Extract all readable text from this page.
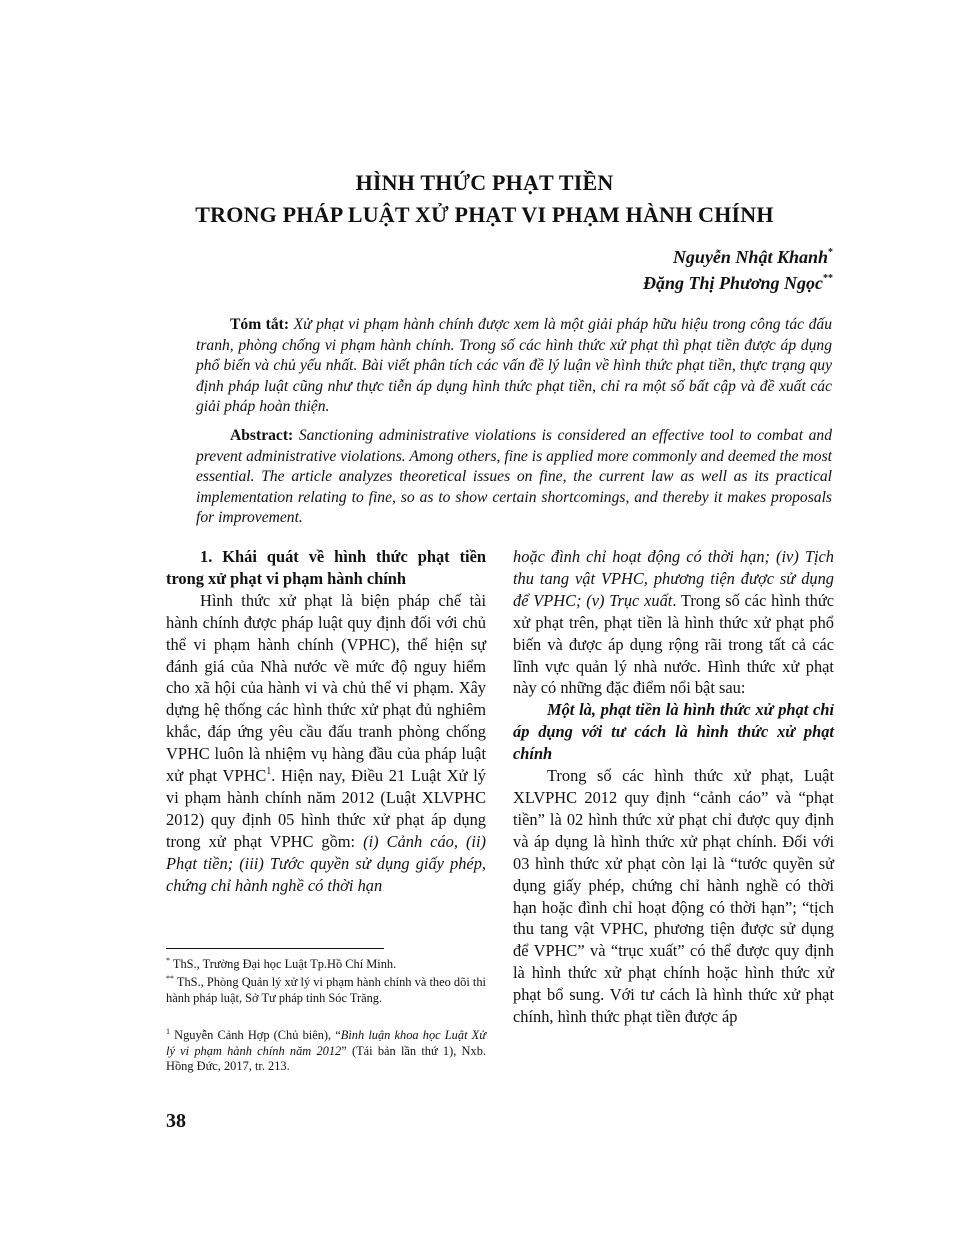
HÌNH THỨC PHẠT TIỀN
TRONG PHÁP LUẬT XỬ PHẠT VI PHẠM HÀNH CHÍNH
Nguyễn Nhật Khanh*
Đặng Thị Phương Ngọc**
Tóm tắt: Xử phạt vi phạm hành chính được xem là một giải pháp hữu hiệu trong công tác đấu tranh, phòng chống vi phạm hành chính. Trong số các hình thức xử phạt thì phạt tiền được áp dụng phổ biến và chủ yếu nhất. Bài viết phân tích các vấn đề lý luận về hình thức phạt tiền, thực trạng quy định pháp luật cũng như thực tiễn áp dụng hình thức phạt tiền, chỉ ra một số bất cập và đề xuất các giải pháp hoàn thiện.
Abstract: Sanctioning administrative violations is considered an effective tool to combat and prevent administrative violations. Among others, fine is applied more commonly and deemed the most essential. The article analyzes theoretical issues on fine, the current law as well as its practical implementation relating to fine, so as to show certain shortcomings, and thereby it makes proposals for improvement.

1. Khái quát về hình thức phạt tiền trong xử phạt vi phạm hành chính

Hình thức xử phạt là biện pháp chế tài hành chính được pháp luật quy định đối với chủ thể vi phạm hành chính (VPHC), thể hiện sự đánh giá của Nhà nước về mức độ nguy hiểm cho xã hội của hành vi và chủ thể vi phạm. Xây dựng hệ thống các hình thức xử phạt đủ nghiêm khắc, đáp ứng yêu cầu đấu tranh phòng chống VPHC luôn là nhiệm vụ hàng đầu của pháp luật xử phạt VPHC$^1$. Hiện nay, Điều 21 Luật Xử lý vi phạm hành chính năm 2012 (Luật XLVPHC 2012) quy định 05 hình thức xử phạt áp dụng trong xử phạt VPHC gồm: (i) Cảnh cáo, (ii) Phạt tiền; (iii) Tước quyền sử dụng giấy phép, chứng chỉ hành nghề có thời hạn

hoặc đình chỉ hoạt động có thời hạn; (iv) Tịch thu tang vật VPHC, phương tiện được sử dụng để VPHC; (v) Trục xuất. Trong số các hình thức xử phạt trên, phạt tiền là hình thức xử phạt phổ biến và được áp dụng rộng rãi trong tất cả các lĩnh vực quản lý nhà nước. Hình thức xử phạt này có những đặc điểm nổi bật sau:

Một là, phạt tiền là hình thức xử phạt chỉ áp dụng với tư cách là hình thức xử phạt chính

Trong số các hình thức xử phạt, Luật XLVPHC 2012 quy định “cảnh cáo” và “phạt tiền” là 02 hình thức xử phạt chỉ được quy định và áp dụng là hình thức xử phạt chính. Đối với 03 hình thức xử phạt còn lại là “tước quyền sử dụng giấy phép, chứng chỉ hành nghề có thời hạn hoặc đình chỉ hoạt động có thời hạn”; “tịch thu tang vật VPHC, phương tiện được sử dụng để VPHC” và “trục xuất” có thể được quy định là hình thức xử phạt chính hoặc hình thức xử phạt bổ sung. Với tư cách là hình thức xử phạt chính, hình thức phạt tiền được áp

* ThS., Trường Đại học Luật Tp.Hồ Chí Minh.
** ThS., Phòng Quản lý xử lý vi phạm hành chính và theo dõi thi hành pháp luật, Sở Tư pháp tỉnh Sóc Trăng.
$^1$ Nguyễn Cảnh Hợp (Chủ biên), “Bình luận khoa học Luật Xử lý vi phạm hành chính năm 2012” (Tái bản lần thứ 1), Nxb. Hồng Đức, 2017, tr. 213.
38
